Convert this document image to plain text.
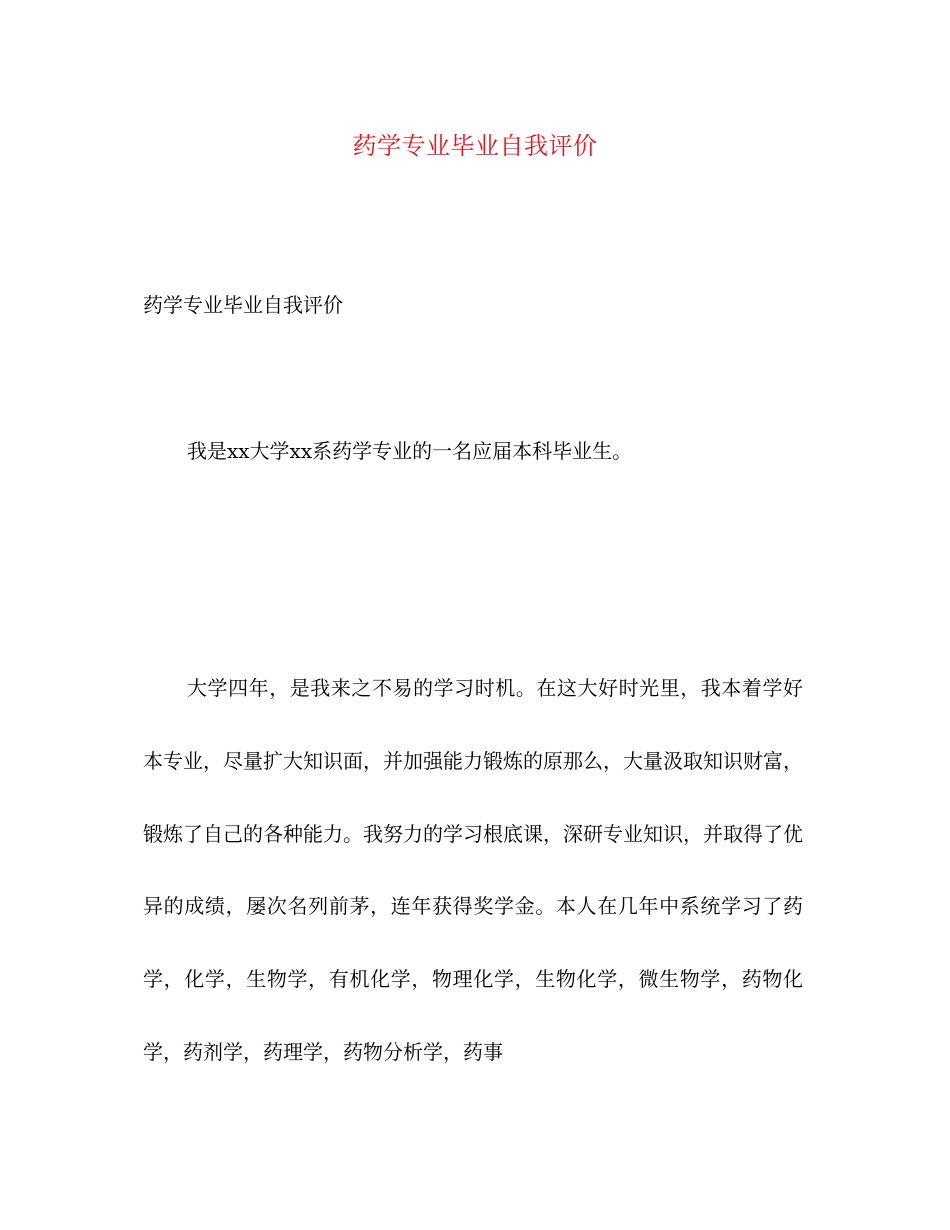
药学专业毕业自我评价
药学专业毕业自我评价

我是xx大学xx系药学专业的一名应届本科毕业生。

大学四年，是我来之不易的学习时机。在这大好时光里，我本着学好本专业，尽量扩大知识面，并加强能力锻炼的原那么，大量汲取知识财富，锻炼了自己的各种能力。我努力的学习根底课，深研专业知识，并取得了优异的成绩，屡次名列前茅，连年获得奖学金。本人在几年中系统学习了药学，化学，生物学，有机化学，物理化学，生物化学，微生物学，药物化学，药剂学，药理学，药物分析学，药事
